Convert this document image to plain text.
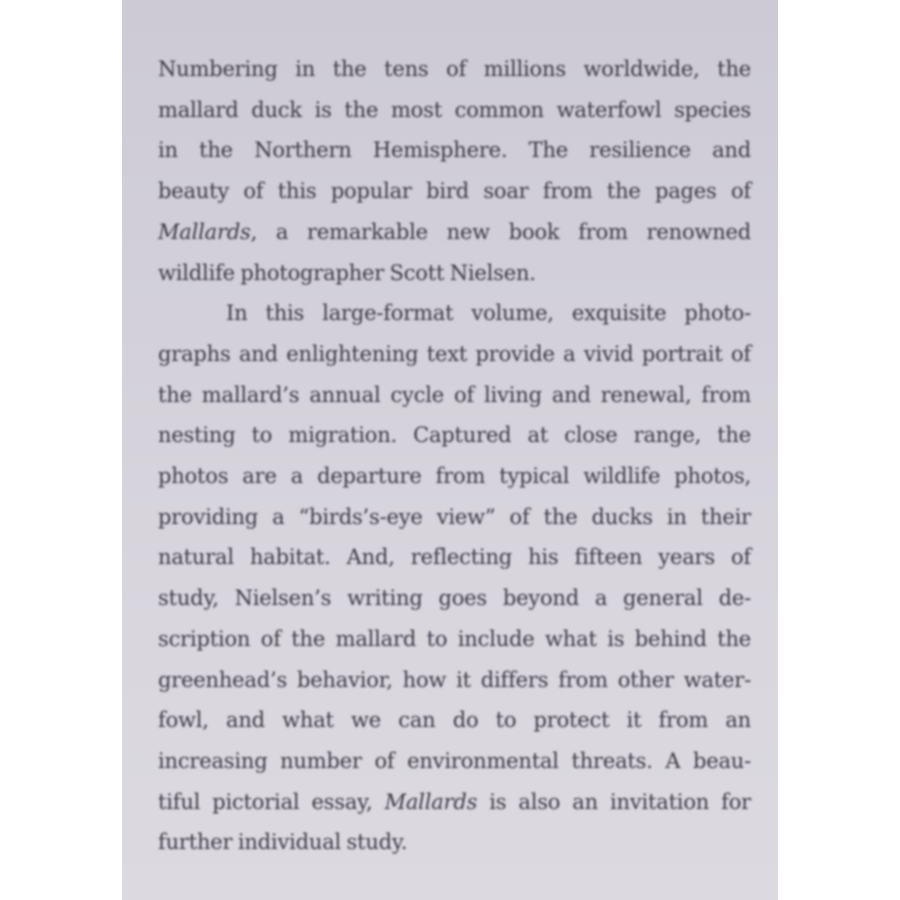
Numbering in the tens of millions worldwide, the
mallard duck is the most common waterfowl species
in the Northern Hemisphere. The resilience and
beauty of this popular bird soar from the pages of
Mallards, a remarkable new book from renowned
wildlife photographer Scott Nielsen.
In this large-format volume, exquisite photo-
graphs and enlightening text provide a vivid portrait of
the mallard’s annual cycle of living and renewal, from
nesting to migration. Captured at close range, the
photos are a departure from typical wildlife photos,
providing a “birds’s-eye view” of the ducks in their
natural habitat. And, reflecting his fifteen years of
study, Nielsen’s writing goes beyond a general de-
scription of the mallard to include what is behind the
greenhead’s behavior, how it differs from other water-
fowl, and what we can do to protect it from an
increasing number of environmental threats. A beau-
tiful pictorial essay, Mallards is also an invitation for
further individual study.
